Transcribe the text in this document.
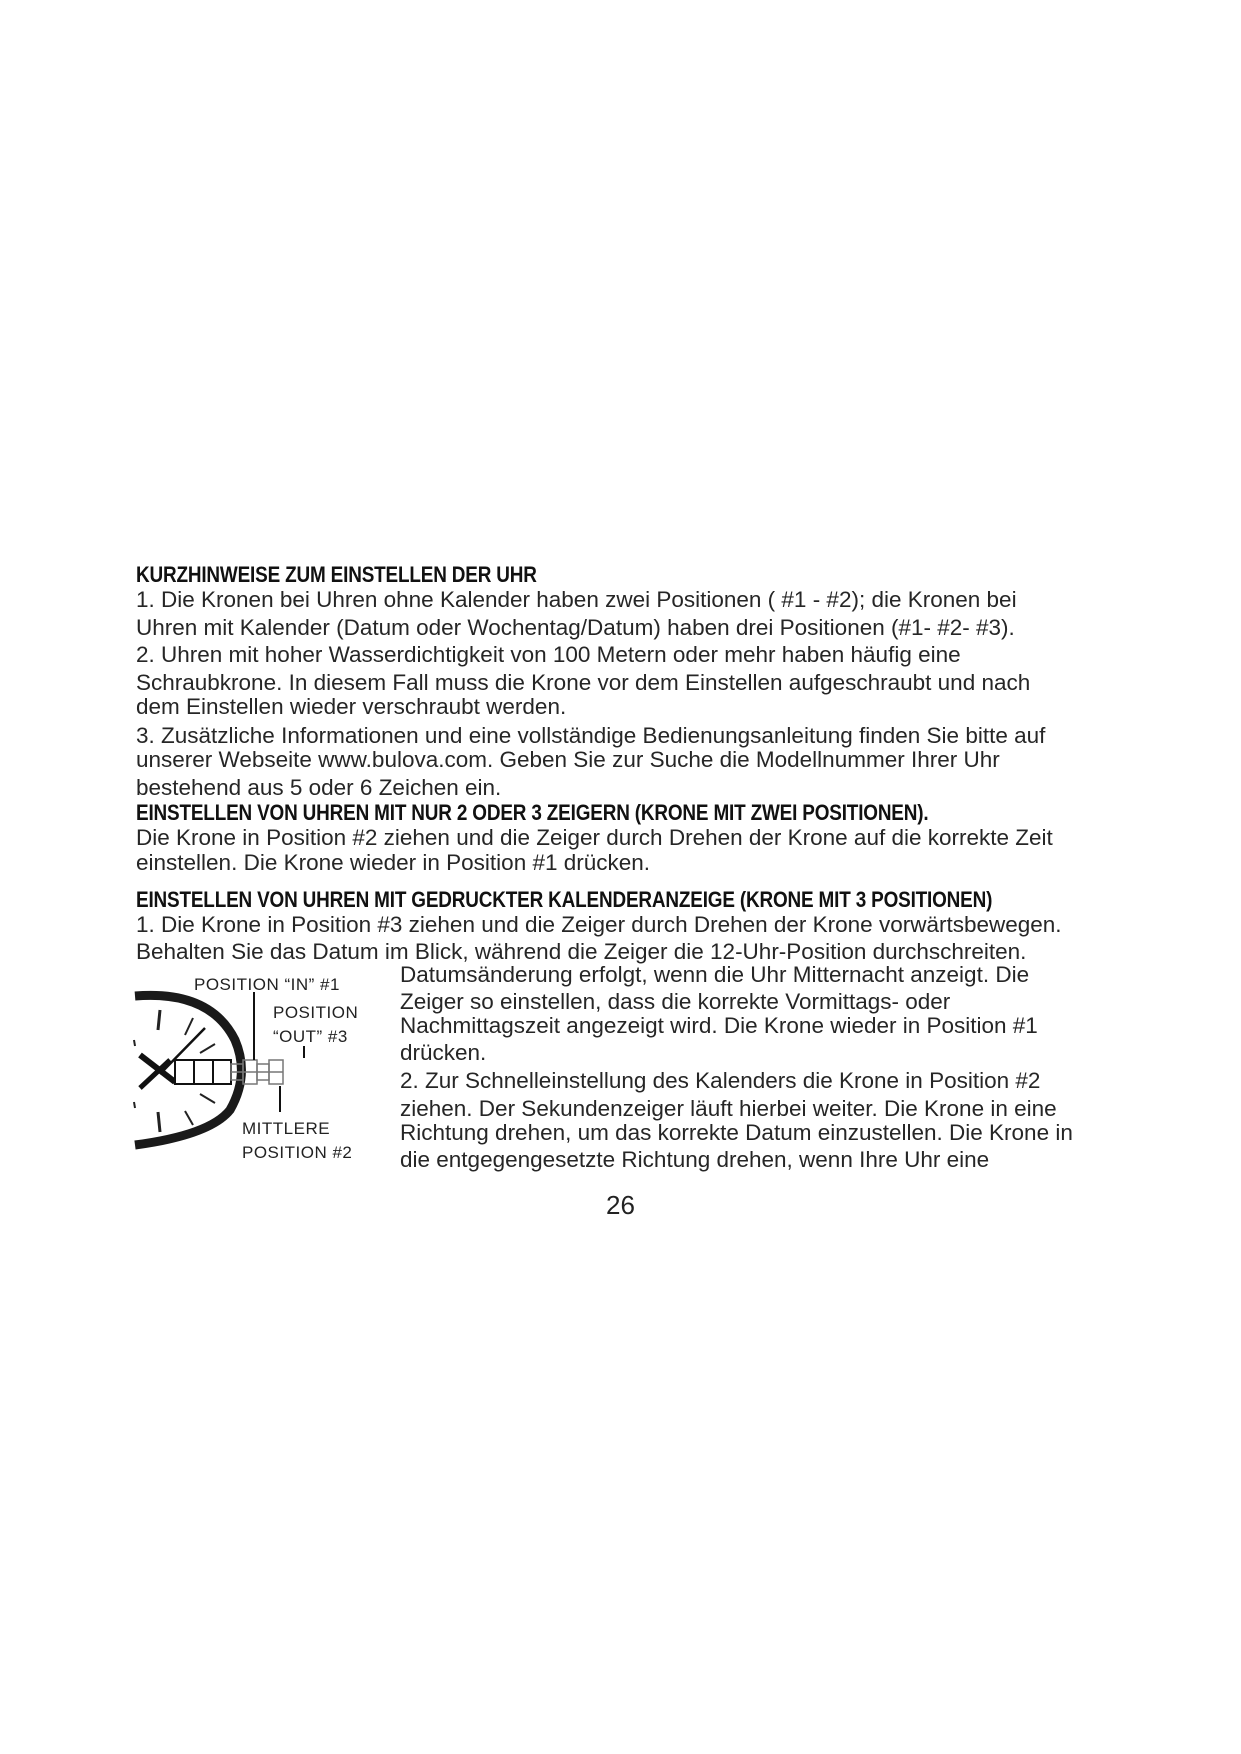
KURZHINWEISE ZUM EINSTELLEN DER UHR
1. Die Kronen bei Uhren ohne Kalender haben zwei Positionen ( #1 - #2); die Kronen bei
Uhren mit Kalender (Datum oder Wochentag/Datum) haben drei Positionen (#1- #2- #3).
2. Uhren mit hoher Wasserdichtigkeit von 100 Metern oder mehr haben häufig eine
Schraubkrone. In diesem Fall muss die Krone vor dem Einstellen aufgeschraubt und nach
dem Einstellen wieder verschraubt werden.
3. Zusätzliche Informationen und eine vollständige Bedienungsanleitung finden Sie bitte auf
unserer Webseite www.bulova.com. Geben Sie zur Suche die Modellnummer Ihrer Uhr
bestehend aus 5 oder 6 Zeichen ein.
EINSTELLEN VON UHREN MIT NUR 2 ODER 3 ZEIGERN (KRONE MIT ZWEI POSITIONEN).
Die Krone in Position #2 ziehen und die Zeiger durch Drehen der Krone auf die korrekte Zeit
einstellen. Die Krone wieder in Position #1 drücken.
EINSTELLEN VON UHREN MIT GEDRUCKTER KALENDERANZEIGE (KRONE MIT 3 POSITIONEN)
1. Die Krone in Position #3 ziehen und die Zeiger durch Drehen der Krone vorwärtsbewegen.
Behalten Sie das Datum im Blick, während die Zeiger die 12-Uhr-Position durchschreiten.
Datumsänderung erfolgt, wenn die Uhr Mitternacht anzeigt. Die
Zeiger so einstellen, dass die korrekte Vormittags- oder
Nachmittagszeit angezeigt wird. Die Krone wieder in Position #1
drücken.
2. Zur Schnelleinstellung des Kalenders die Krone in Position #2
ziehen. Der Sekundenzeiger läuft hierbei weiter. Die Krone in eine
Richtung drehen, um das korrekte Datum einzustellen. Die Krone in
die entgegengesetzte Richtung drehen, wenn Ihre Uhr eine
POSITION “IN” #1
POSITION
“OUT” #3
MITTLERE
POSITION #2
26
